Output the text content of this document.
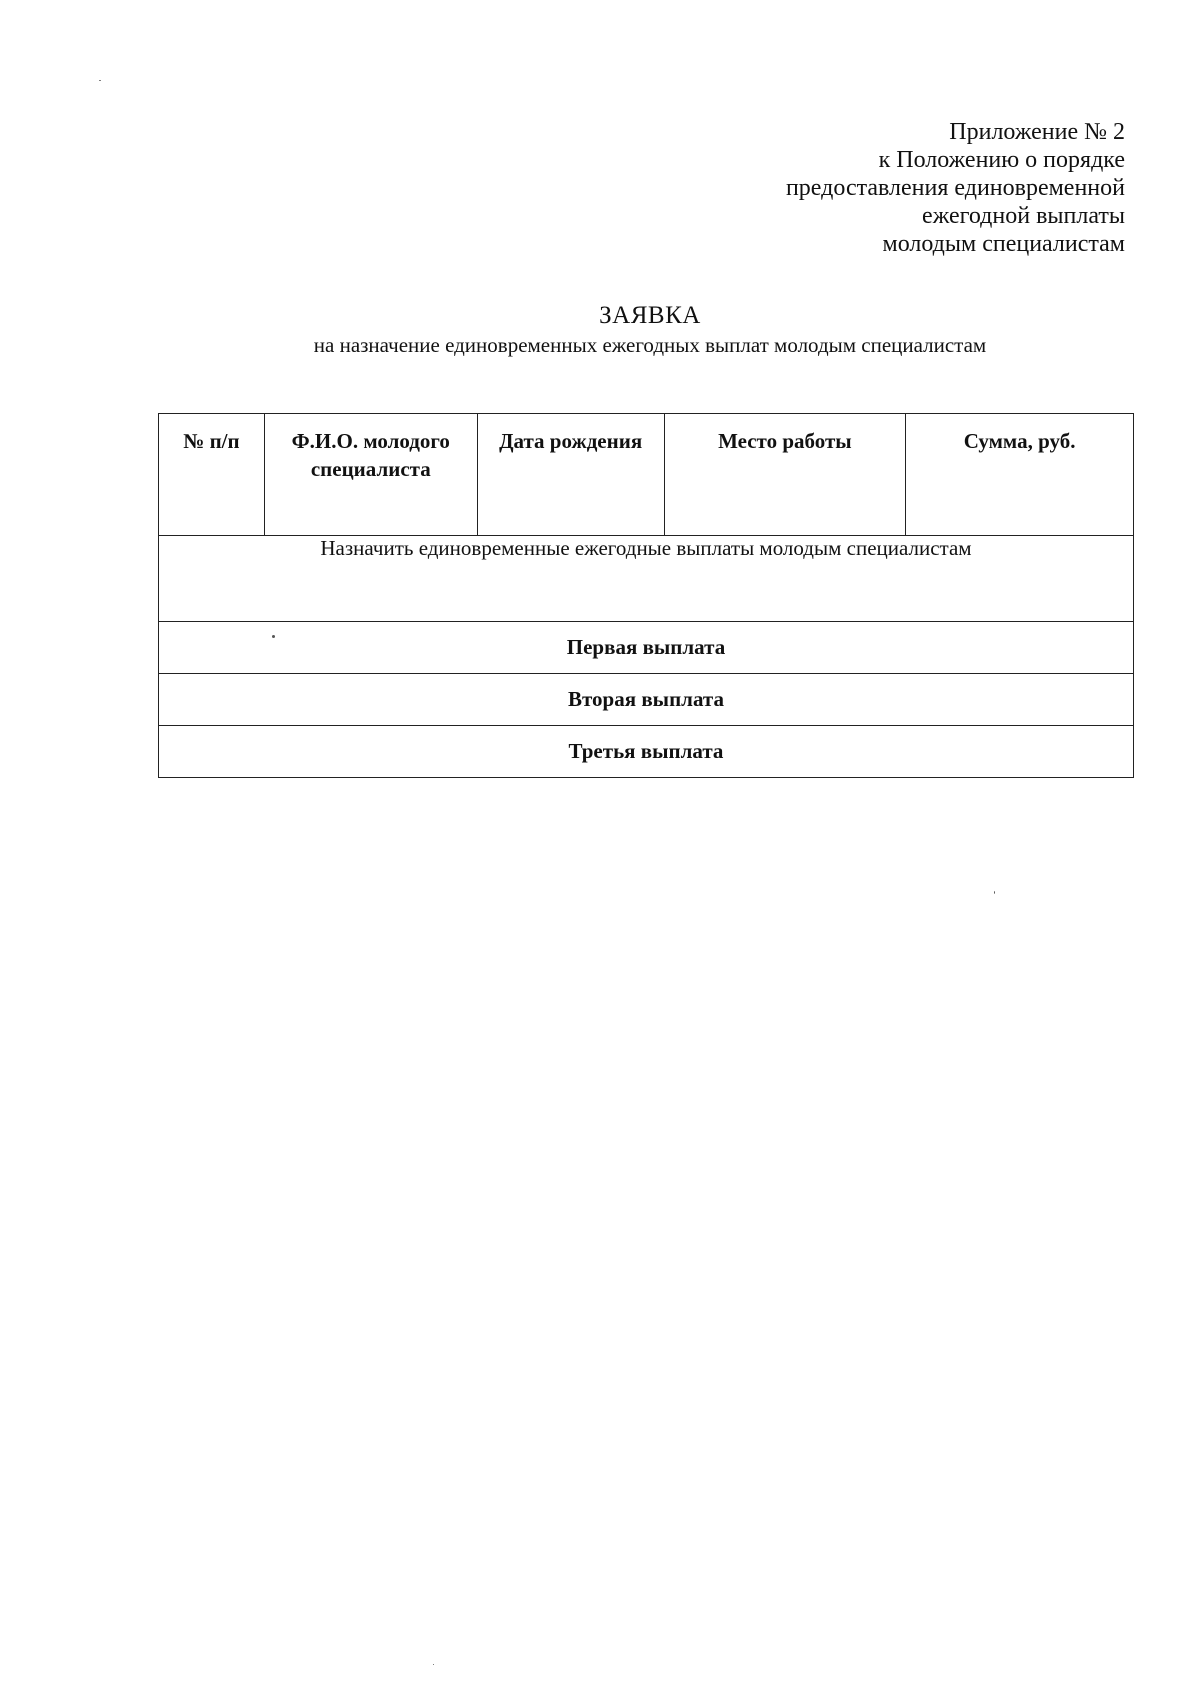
Приложение № 2
к Положению о порядке
предоставления единовременной
ежегодной выплаты
молодым специалистам
ЗАЯВКА
на назначение единовременных ежегодных выплат молодым специалистам
№ п/п	Ф.И.О. молодого специалиста	Дата рождения	Место работы	Сумма, руб.
Назначить единовременные ежегодные выплаты молодым специалистам
Первая выплата
Вторая выплата
Третья выплата
